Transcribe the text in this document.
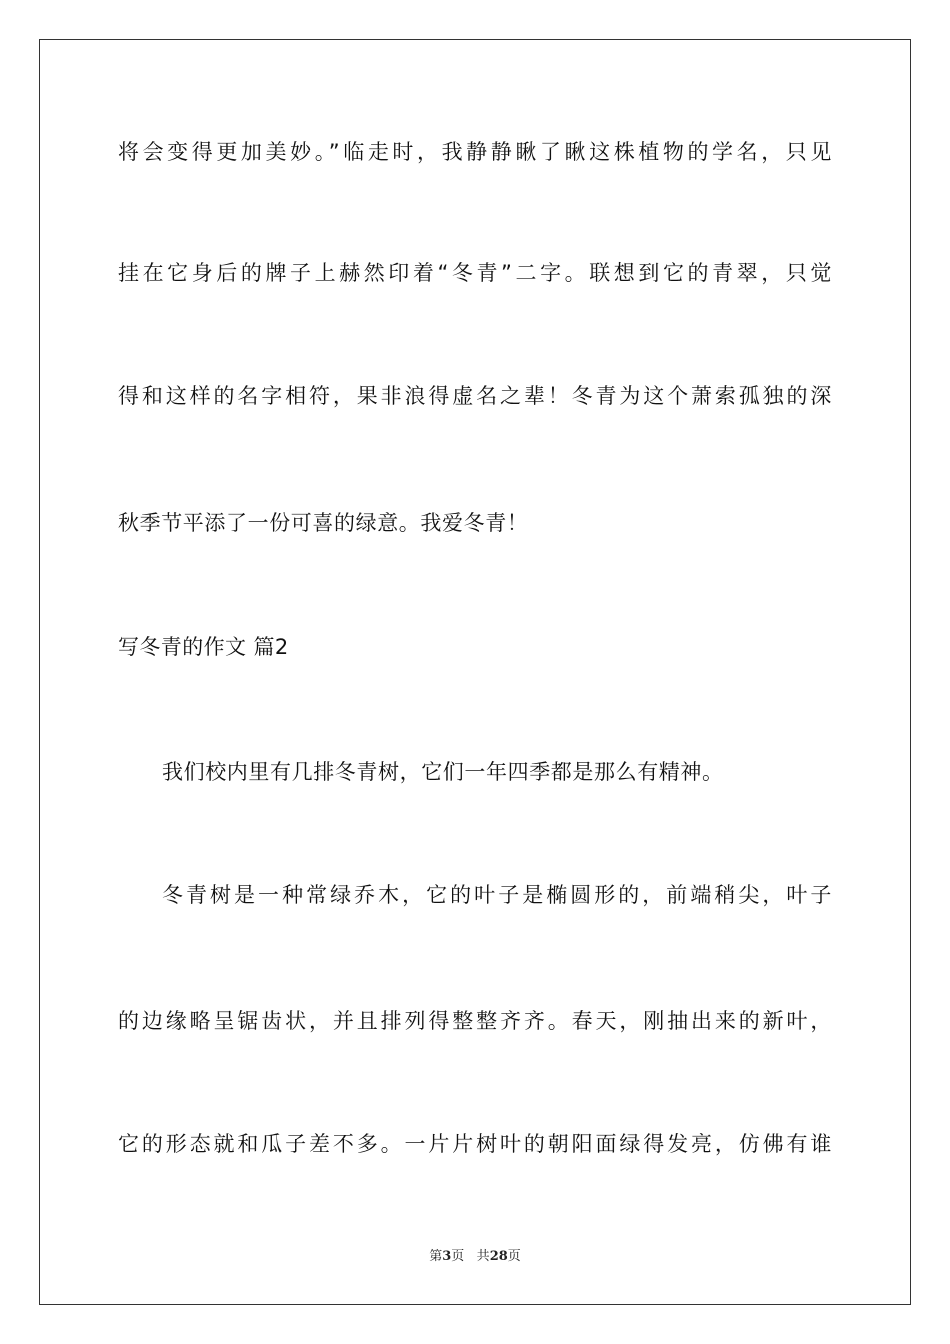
将会变得更加美妙。”临走时，我静静瞅了瞅这株植物的学名，只见
挂在它身后的牌子上赫然印着“冬青”二字。联想到它的青翠，只觉
得和这样的名字相符，果非浪得虚名之辈！冬青为这个萧索孤独的深
秋季节平添了一份可喜的绿意。我爱冬青！
写冬青的作文 篇2
我们校内里有几排冬青树，它们一年四季都是那么有精神。
冬青树是一种常绿乔木，它的叶子是椭圆形的，前端稍尖，叶子
的边缘略呈锯齿状，并且排列得整整齐齐。春天，刚抽出来的新叶，
它的形态就和瓜子差不多。一片片树叶的朝阳面绿得发亮，仿佛有谁
第3页 共28页
